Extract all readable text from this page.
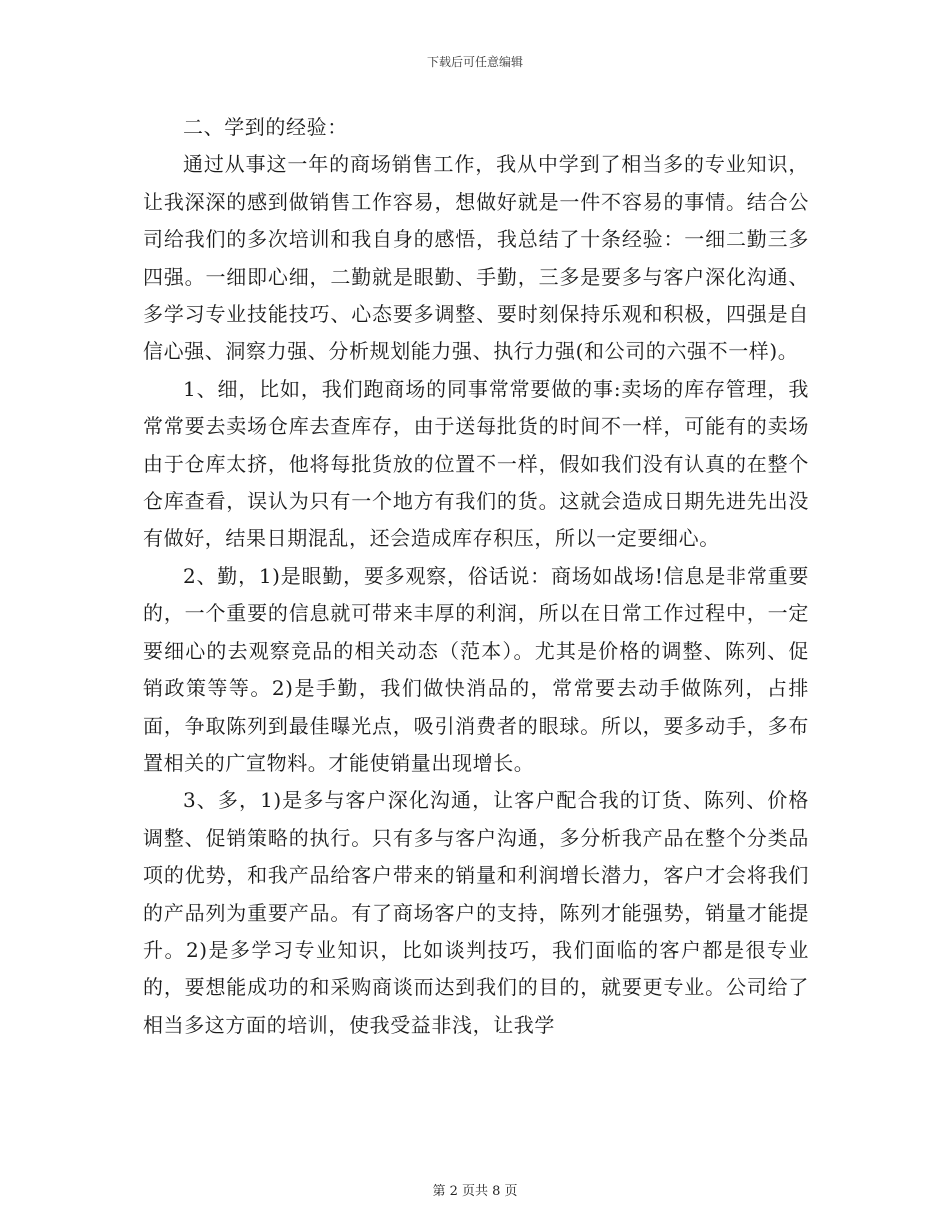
下载后可任意编辑

二、学到的经验：

通过从事这一年的商场销售工作，我从中学到了相当多的专业知识，让我深深的感到做销售工作容易，想做好就是一件不容易的事情。结合公司给我们的多次培训和我自身的感悟，我总结了十条经验：一细二勤三多四强。一细即心细，二勤就是眼勤、手勤，三多是要多与客户深化沟通、多学习专业技能技巧、心态要多调整、要时刻保持乐观和积极，四强是自信心强、洞察力强、分析规划能力强、执行力强(和公司的六强不一样)。

1、细，比如，我们跑商场的同事常常要做的事:卖场的库存管理，我常常要去卖场仓库去查库存，由于送每批货的时间不一样，可能有的卖场由于仓库太挤，他将每批货放的位置不一样，假如我们没有认真的在整个仓库查看，误认为只有一个地方有我们的货。这就会造成日期先进先出没有做好，结果日期混乱，还会造成库存积压，所以一定要细心。

2、勤，1)是眼勤，要多观察，俗话说：商场如战场!信息是非常重要的，一个重要的信息就可带来丰厚的利润，所以在日常工作过程中，一定要细心的去观察竞品的相关动态（范本）。尤其是价格的调整、陈列、促销政策等等。2)是手勤，我们做快消品的，常常要去动手做陈列，占排面，争取陈列到最佳曝光点，吸引消费者的眼球。所以，要多动手，多布置相关的广宣物料。才能使销量出现增长。

3、多，1)是多与客户深化沟通，让客户配合我的订货、陈列、价格调整、促销策略的执行。只有多与客户沟通，多分析我产品在整个分类品项的优势，和我产品给客户带来的销量和利润增长潜力，客户才会将我们的产品列为重要产品。有了商场客户的支持，陈列才能强势，销量才能提升。2)是多学习专业知识，比如谈判技巧，我们面临的客户都是很专业的，要想能成功的和采购商谈而达到我们的目的，就要更专业。公司给了相当多这方面的培训，使我受益非浅，让我学

第 2 页共 8 页
